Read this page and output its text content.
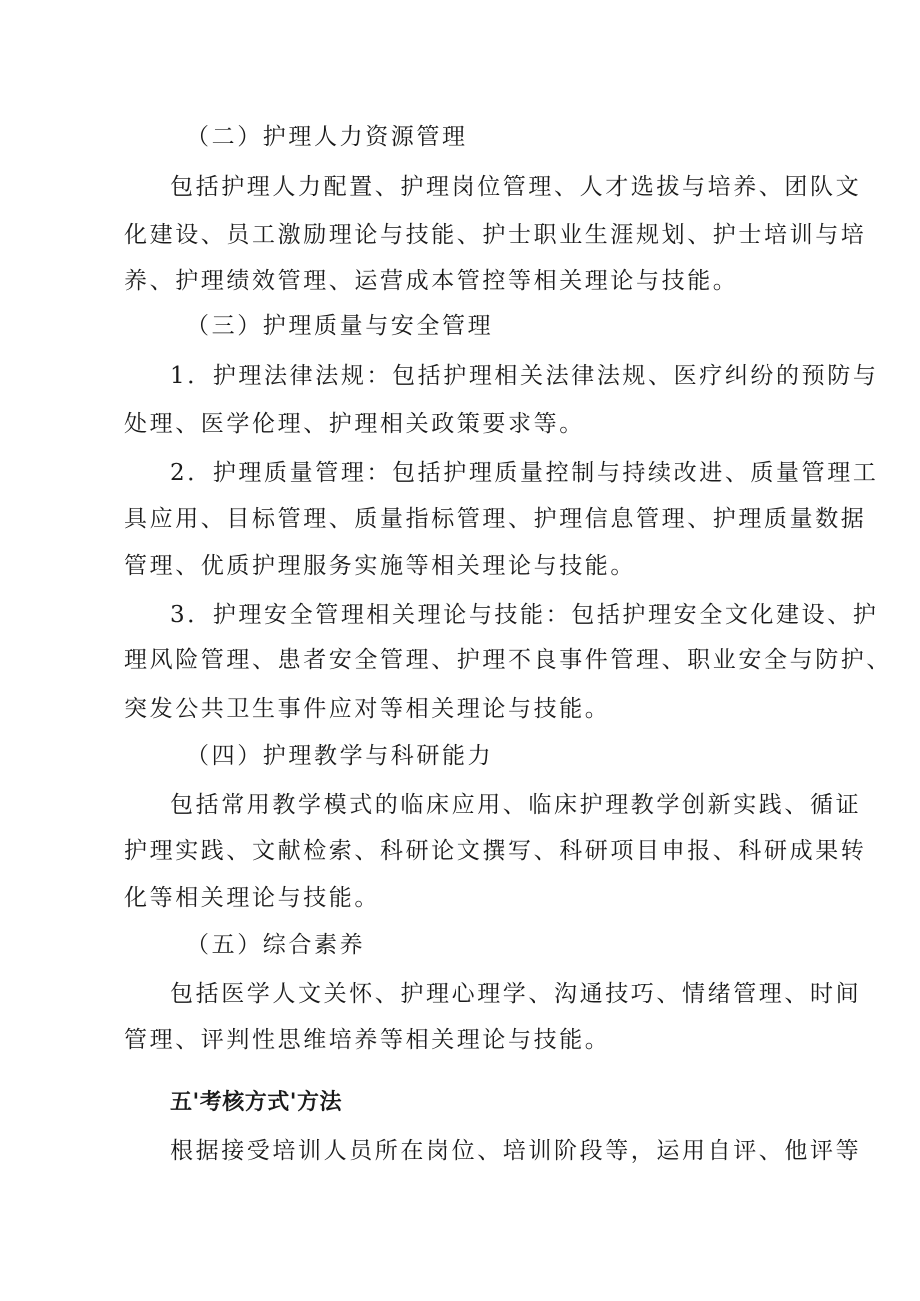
（二）护理人力资源管理
包括护理人力配置、护理岗位管理、人才选拔与培养、团队文
化建设、员工激励理论与技能、护士职业生涯规划、护士培训与培
养、护理绩效管理、运营成本管控等相关理论与技能。
（三）护理质量与安全管理
1．护理法律法规：包括护理相关法律法规、医疗纠纷的预防与
处理、医学伦理、护理相关政策要求等。
2．护理质量管理：包括护理质量控制与持续改进、质量管理工
具应用、目标管理、质量指标管理、护理信息管理、护理质量数据
管理、优质护理服务实施等相关理论与技能。
3．护理安全管理相关理论与技能：包括护理安全文化建设、护
理风险管理、患者安全管理、护理不良事件管理、职业安全与防护、
突发公共卫生事件应对等相关理论与技能。
（四）护理教学与科研能力
包括常用教学模式的临床应用、临床护理教学创新实践、循证
护理实践、文献检索、科研论文撰写、科研项目申报、科研成果转
化等相关理论与技能。
（五）综合素养
包括医学人文关怀、护理心理学、沟通技巧、情绪管理、时间
管理、评判性思维培养等相关理论与技能。
五'考核方式'方法
根据接受培训人员所在岗位、培训阶段等，运用自评、他评等
